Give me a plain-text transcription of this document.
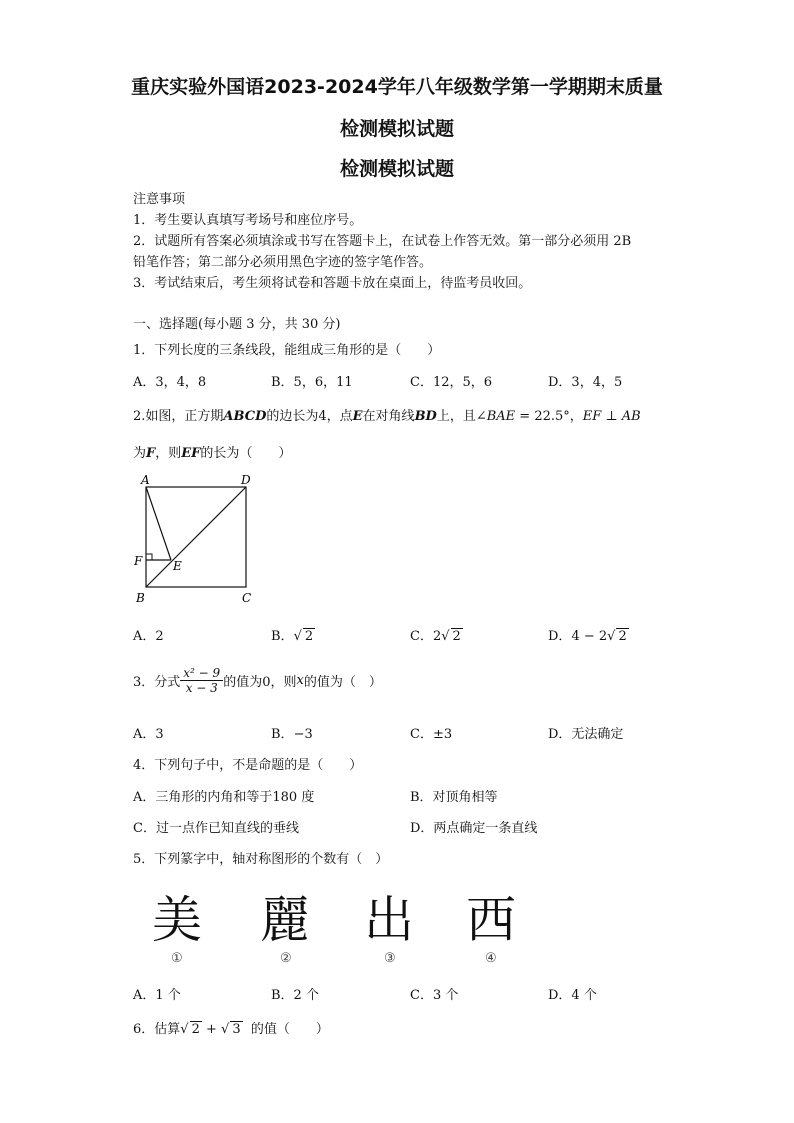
重庆实验外国语2023-2024学年八年级数学第一学期期末质量
检测模拟试题
检测模拟试题
注意事项
1．考生要认真填写考场号和座位序号。
2．试题所有答案必须填涂或书写在答题卡上，在试卷上作答无效。第一部分必须用 2B
铅笔作答；第二部分必须用黑色字迹的签字笔作答。
3．考试结束后，考生须将试卷和答题卡放在桌面上，待监考员收回。
一、选择题(每小题 3 分，共 30 分)
1．下列长度的三条线段，能组成三角形的是（　　）
A．3，4，8	B．5，6，11	C．12，5，6	D．3，4，5
2.如图，正方期ABCD的边长为4，点E在对角线BD上，且∠BAE = 22.5°，EF ⊥ AB
为F，则EF的长为（　　）
A	D
F	E
B	C
A．2	B．√ 2	C．2√ 2	D．4 − 2√ 2
3．分式 $\frac{\text{x² − 9}}{x - 3}$ 的值为0，则x的值为（　）
A．3	B．−3	C．±3	D．无法确定
4．下列句子中，不是命题的是（　　）
A．三角形的内角和等于180 度	B．对顶角相等
C．过一点作已知直线的垂线	D．两点确定一条直线
5．下列篆字中，轴对称图形的个数有（　）
美 麗 出 西
①	②	③	④
A．1 个	B．2 个	C．3 个	D．4 个
6．估算√ 2 + √ 3 的值（　　）
